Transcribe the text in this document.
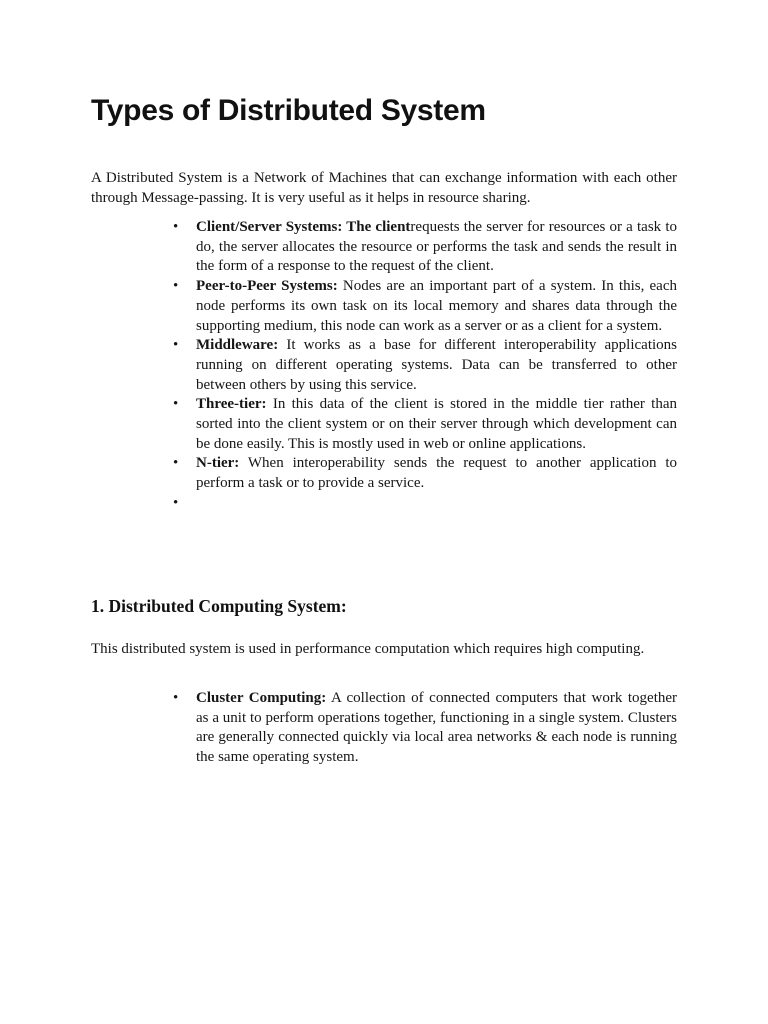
Types of Distributed System

A Distributed System is a Network of Machines that can exchange information with each other through Message-passing. It is very useful as it helps in resource sharing.

• Client/Server Systems: The clientrequests the server for resources or a task to do, the server allocates the resource or performs the task and sends the result in the form of a response to the request of the client.
• Peer-to-Peer Systems: Nodes are an important part of a system. In this, each node performs its own task on its local memory and shares data through the supporting medium, this node can work as a server or as a client for a system.
• Middleware: It works as a base for different interoperability applications running on different operating systems. Data can be transferred to other between others by using this service.
• Three-tier: In this data of the client is stored in the middle tier rather than sorted into the client system or on their server through which development can be done easily. This is mostly used in web or online applications.
• N-tier: When interoperability sends the request to another application to perform a task or to provide a service.
•
1. Distributed Computing System:

This distributed system is used in performance computation which requires high computing.

• Cluster Computing: A collection of connected computers that work together as a unit to perform operations together, functioning in a single system. Clusters are generally connected quickly via local area networks & each node is running the same operating system.
